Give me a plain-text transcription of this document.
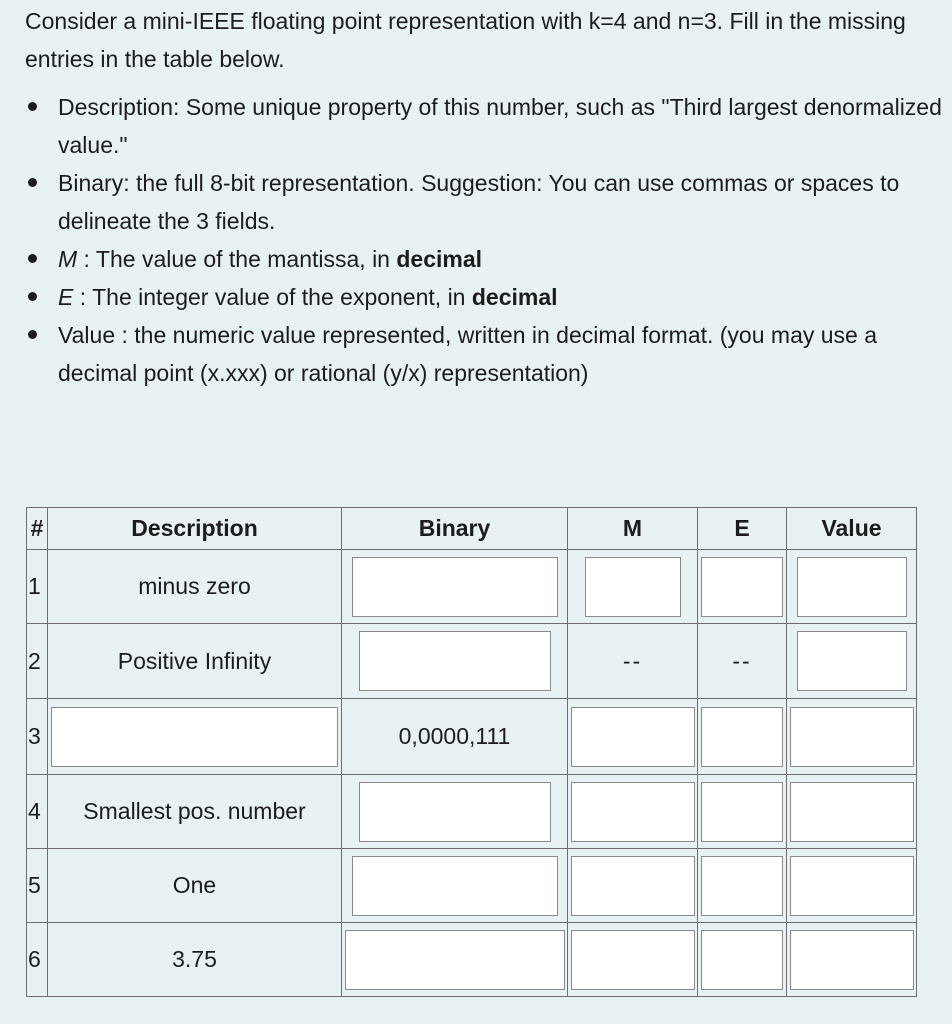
Consider a mini-IEEE floating point representation with k=4 and n=3. Fill in the missing entries in the table below.

Description: Some unique property of this number, such as "Third largest denormalized value."
Binary: the full 8-bit representation. Suggestion: You can use commas or spaces to delineate the 3 fields.
M : The value of the mantissa, in decimal
E : The integer value of the exponent, in decimal
Value : the numeric value represented, written in decimal format. (you may use a decimal point (x.xxx) or rational (y/x) representation)
#	Description	Binary	M	E	Value
1	minus zero				
2	Positive Infinity		--	--	
3		0,0000,111			
4	Smallest pos. number				
5	One				
6	3.75				
